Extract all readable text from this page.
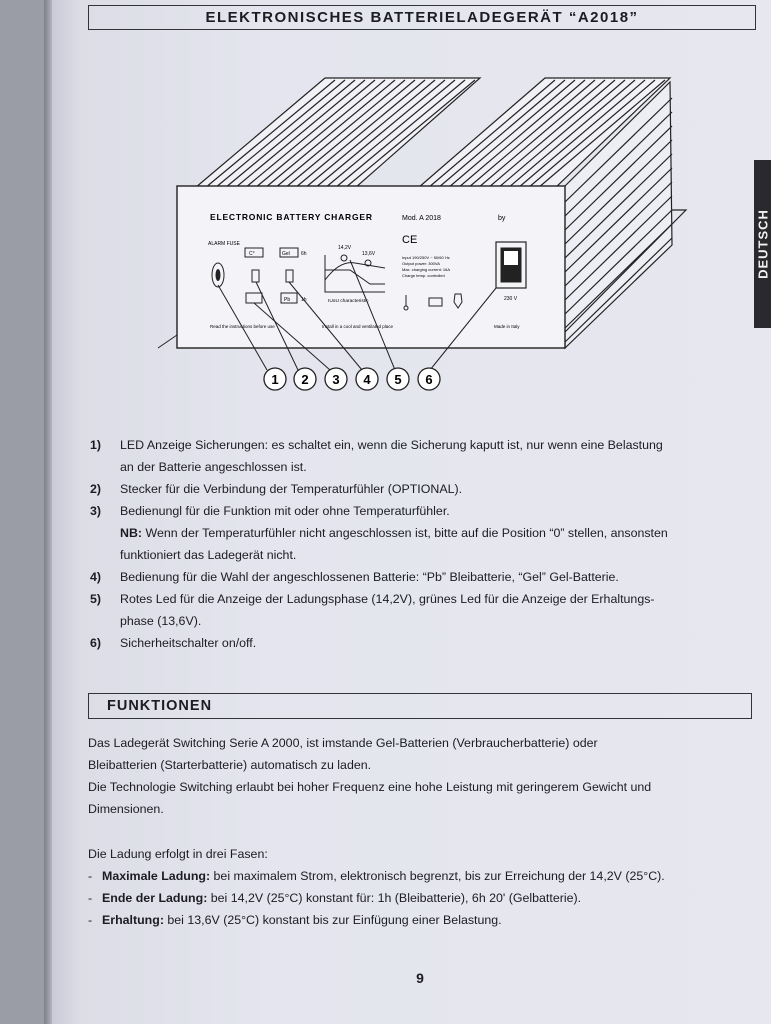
ELEKTRONISCHES BATTERIELADEGERÄT “A2018”
DEUTSCH
ELECTRONIC BATTERY CHARGER	Mod. A 2018	by
CE
ALARM FUSE
C°	Gel 6h
Pb 1h
14,2V
13,6V
IUoU characteristic
Input 190/250V ~ 50/60 Hz
Output power: 300VA
Max. charging current: 16A
Charge temp. controlled
230 V
Read the instructions before use	Install in a cool and ventilated place	Made in Italy
1 2 3 4 5 6
1)	LED Anzeige Sicherungen: es schaltet ein, wenn die Sicherung kaputt ist, nur wenn eine Belastung
an der Batterie angeschlossen ist.
2)	Stecker für die Verbindung der Temperaturfühler (OPTIONAL).
3)	Bedienungl für die Funktion mit oder ohne Temperaturfühler.
NB: Wenn der Temperaturfühler nicht angeschlossen ist, bitte auf die Position “0” stellen, ansonsten
funktioniert das Ladegerät nicht.
4)	Bedienung für die Wahl der angeschlossenen Batterie: “Pb” Bleibatterie, “Gel” Gel-Batterie.
5)	Rotes Led für die Anzeige der Ladungsphase (14,2V), grünes Led für die Anzeige der Erhaltungs-
phase (13,6V).
6)	Sicherheitschalter on/off.
FUNKTIONEN

Das Ladegerät Switching Serie A 2000, ist imstande Gel-Batterien (Verbraucherbatterie) oder
Bleibatterien (Starterbatterie) automatisch zu laden.
Die Technologie Switching erlaubt bei hoher Frequenz eine hohe Leistung mit geringerem Gewicht und
Dimensionen.

Die Ladung erfolgt in drei Fasen:

- Maximale Ladung: bei maximalem Strom, elektronisch begrenzt, bis zur Erreichung der 14,2V (25°C).
- Ende der Ladung: bei 14,2V (25°C) konstant für: 1h (Bleibatterie), 6h 20' (Gelbatterie).
- Erhaltung: bei 13,6V (25°C) konstant bis zur Einfügung einer Belastung.
9
